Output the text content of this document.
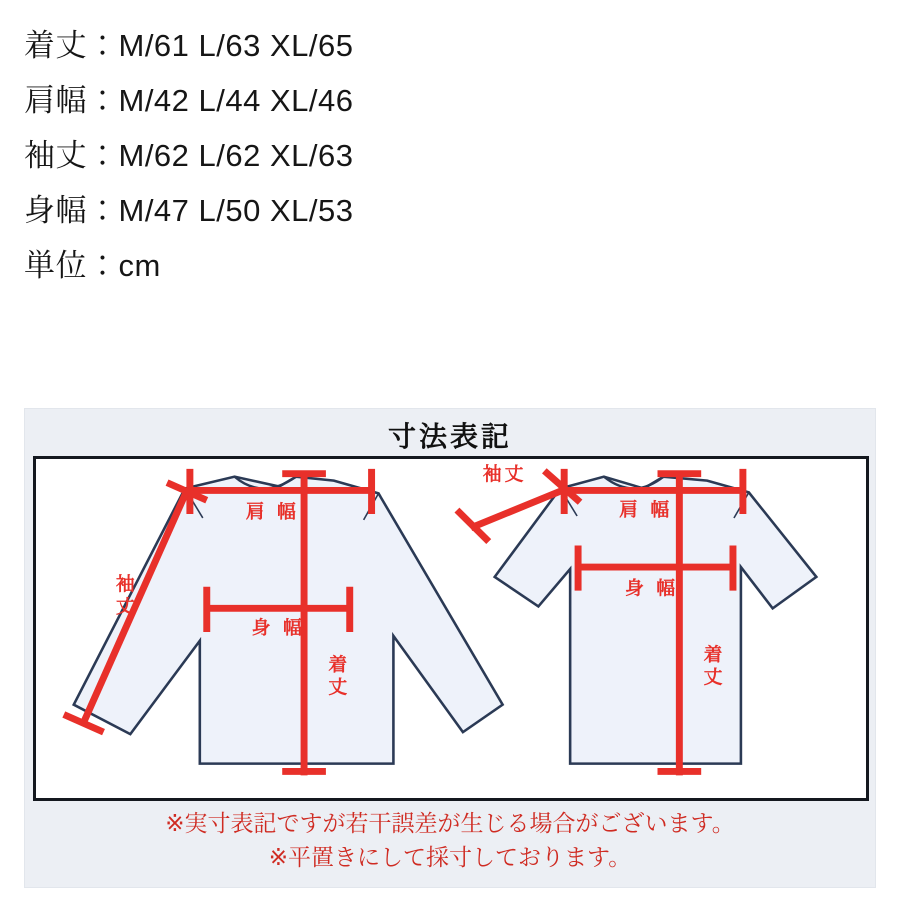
着丈：M/61 L/63 XL/65
肩幅：M/42 L/44 XL/46
袖丈：M/62 L/62 XL/63
身幅：M/47 L/50 XL/53
単位：cm
寸法表記
肩 幅
身 幅
着丈
袖丈
肩 幅
身 幅
着丈
袖丈
※実寸表記ですが若干誤差が生じる場合がございます。
※平置きにして採寸しております。
